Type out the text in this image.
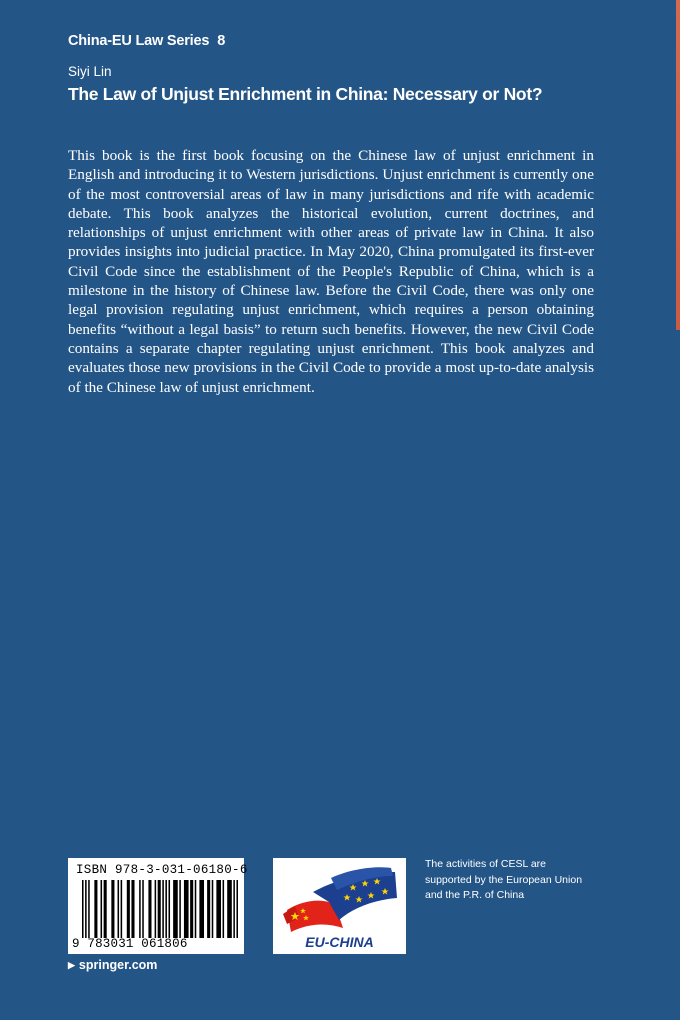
China-EU Law Series 8
Siyi Lin
The Law of Unjust Enrichment in China: Necessary or Not?

This book is the first book focusing on the Chinese law of unjust enrichment in English and introducing it to Western jurisdictions. Unjust enrichment is currently one of the most controversial areas of law in many jurisdictions and rife with academic debate. This book analyzes the historical evolution, current doctrines, and relationships of unjust enrichment with other areas of private law in China. It also provides insights into judicial practice. In May 2020, China promulgated its first-ever Civil Code since the establishment of the People's Republic of China, which is a milestone in the history of Chinese law. Before the Civil Code, there was only one legal provision regulating unjust enrichment, which requires a person obtaining benefits “without a legal basis” to return such benefits. However, the new Civil Code contains a separate chapter regulating unjust enrichment. This book analyzes and evaluates those new provisions in the Civil Code to provide a most up-to-date analysis of the Chinese law of unjust enrichment.

ISBN 978-3-031-06180-6
9 783031 061806
▶ springer.com
EU-CHINA
The activities of CESL are
supported by the European Union
and the P.R. of China
